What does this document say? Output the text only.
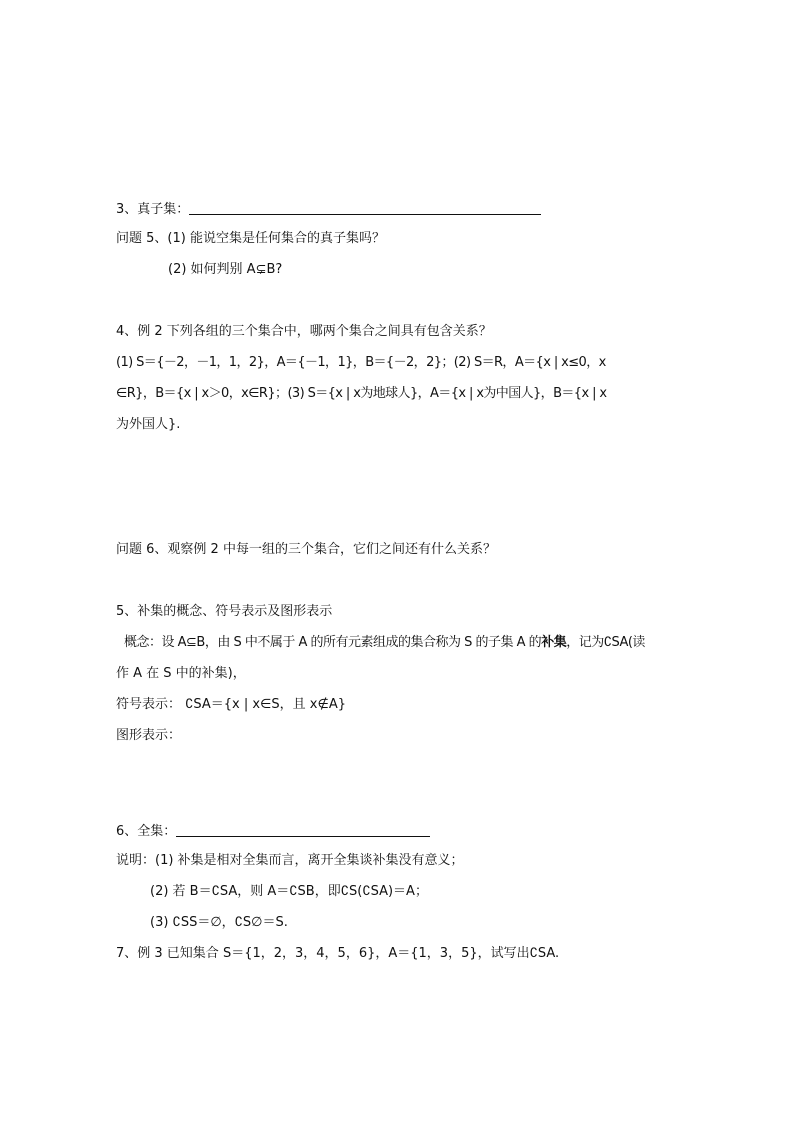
3、真子集：
问题 5、(1) 能说空集是任何集合的真子集吗？
(2) 如何判别 A⊊B?
4、例 2 下列各组的三个集合中，哪两个集合之间具有包含关系？
(1) S＝{－2，－1，1，2}，A＝{－1，1}，B＝{－2，2}；(2) S＝R，A＝{x | x≤0，x
∈R}，B＝{x | x＞0，x∈R}；(3) S＝{x | x为地球人}，A＝{x | x为中国人}，B＝{x | x
为外国人}.
问题 6、观察例 2 中每一组的三个集合，它们之间还有什么关系？
5、补集的概念、符号表示及图形表示
概念：设 A⊆B，由 S 中不属于 A 的所有元素组成的集合称为 S 的子集 A 的补集，记为∁SA(读
作 A 在 S 中的补集)，
符号表示： ∁SA＝{x | x∈S，且 x∉A}
图形表示：
6、全集：
说明：(1) 补集是相对全集而言，离开全集谈补集没有意义；
(2) 若 B＝∁SA，则 A＝∁SB，即∁S(∁SA)＝A；
(3) ∁SS＝∅，∁S∅＝S.
7、例 3 已知集合 S＝{1，2，3，4，5，6}，A＝{1，3，5}，试写出∁SA.
